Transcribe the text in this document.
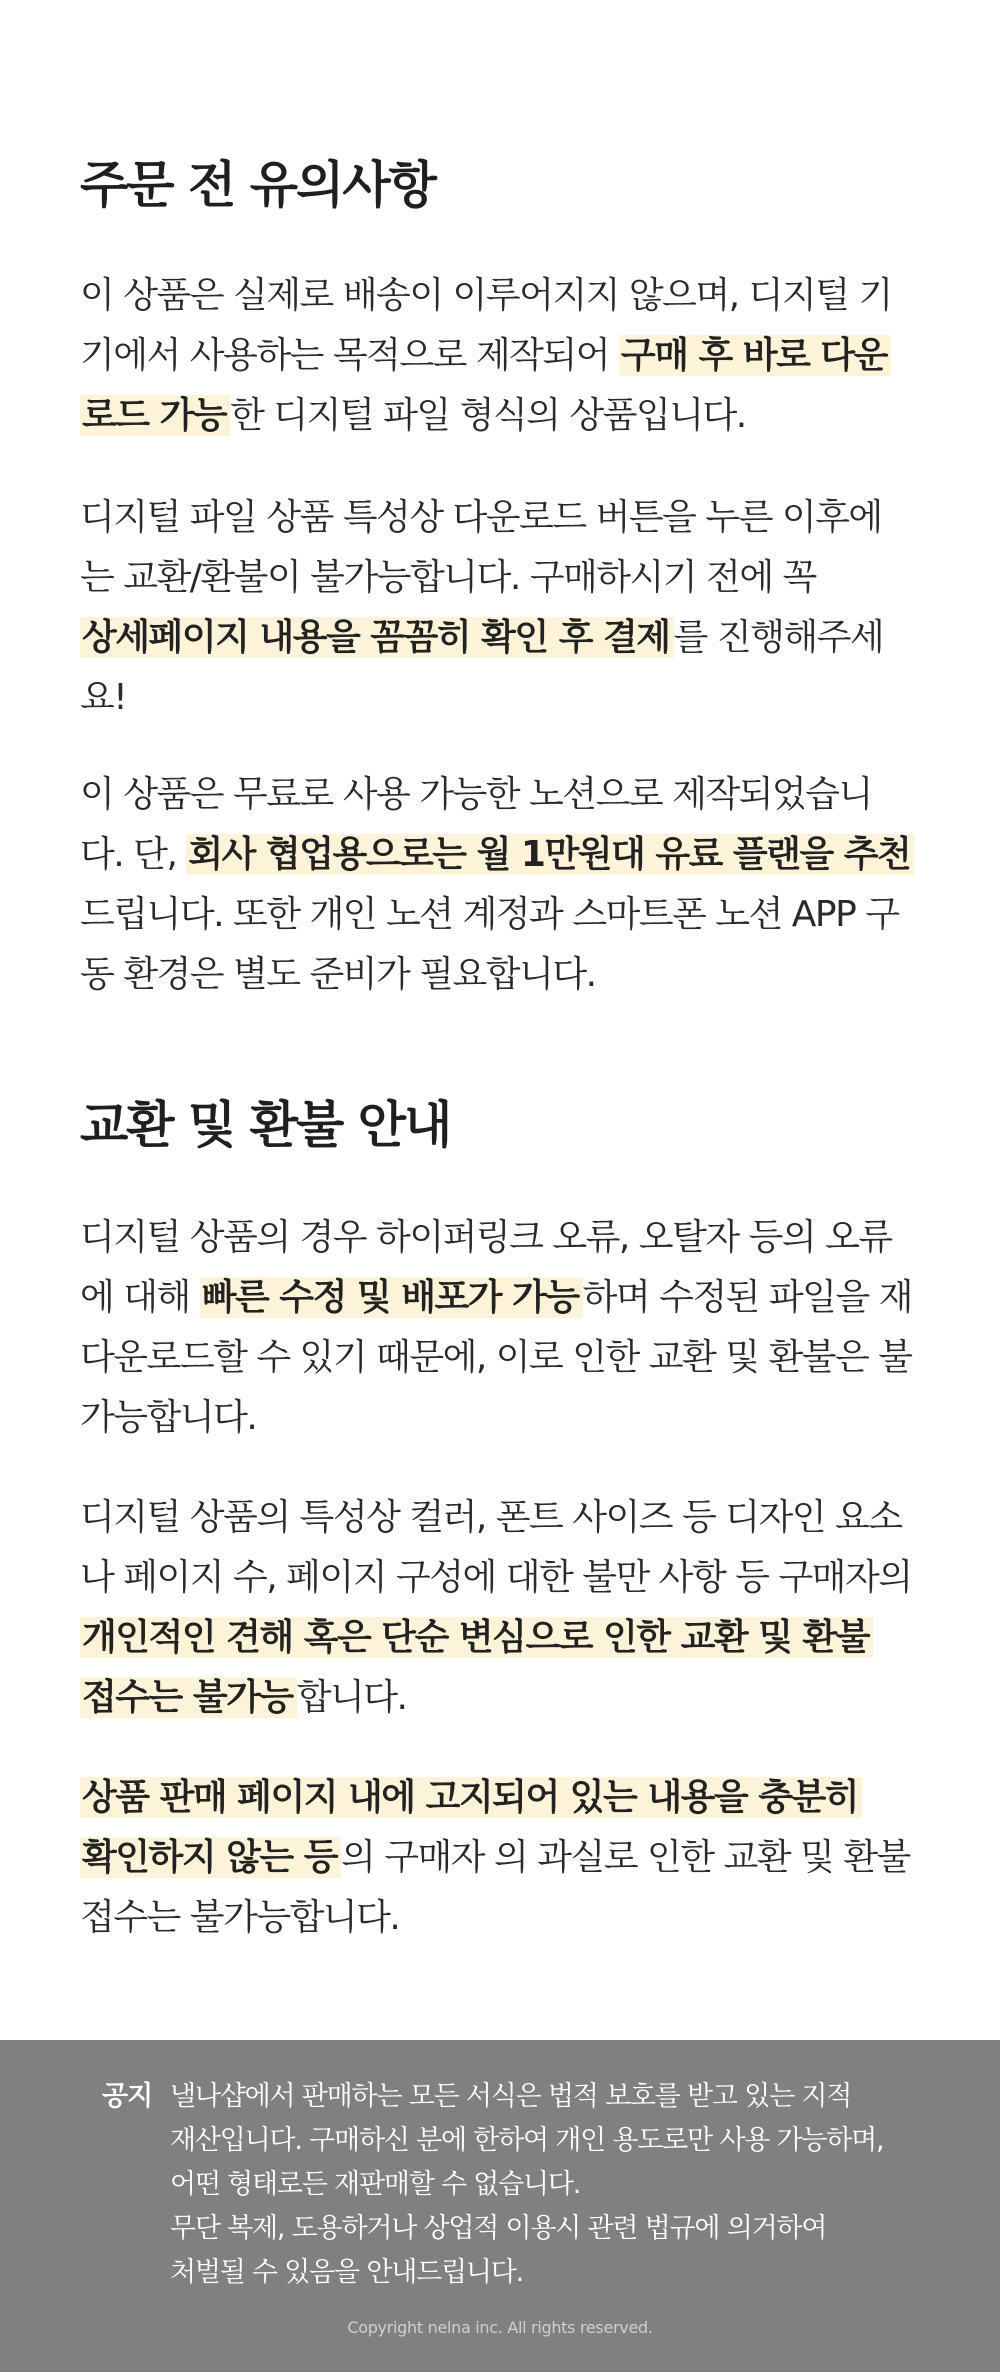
주문 전 유의사항
이 상품은 실제로 배송이 이루어지지 않으며, 디지털 기
기에서 사용하는 목적으로 제작되어 구매 후 바로 다운
로드 가능 한 디지털 파일 형식의 상품입니다.
디지털 파일 상품 특성상 다운로드 버튼을 누른 이후에
는 교환/환불이 불가능합니다. 구매하시기 전에 꼭
상세페이지 내용을 꼼꼼히 확인 후 결제 를 진행해주세
요!
이 상품은 무료로 사용 가능한 노션으로 제작되었습니
다. 단, 회사 협업용으로는 월 1만원대 유료 플랜을 추천
드립니다. 또한 개인 노션 계정과 스마트폰 노션 APP 구
동 환경은 별도 준비가 필요합니다.
교환 및 환불 안내
디지털 상품의 경우 하이퍼링크 오류, 오탈자 등의 오류
에 대해 빠른 수정 및 배포가 가능 하며 수정된 파일을 재
다운로드할 수 있기 때문에, 이로 인한 교환 및 환불은 불
가능합니다.
디지털 상품의 특성상 컬러, 폰트 사이즈 등 디자인 요소
나 페이지 수, 페이지 구성에 대한 불만 사항 등 구매자의
개인적인 견해 혹은 단순 변심으로 인한 교환 및 환불
접수는 불가능 합니다.
상품 판매 페이지 내에 고지되어 있는 내용을 충분히
확인하지 않는 등 의 구매자 의 과실로 인한 교환 및 환불
접수는 불가능합니다.
공지 낼나샵에서 판매하는 모든 서식은 법적 보호를 받고 있는 지적
재산입니다. 구매하신 분에 한하여 개인 용도로만 사용 가능하며,
어떤 형태로든 재판매할 수 없습니다.
무단 복제, 도용하거나 상업적 이용시 관련 법규에 의거하여
처벌될 수 있음을 안내드립니다.
Copyright nelna inc. All rights reserved.
